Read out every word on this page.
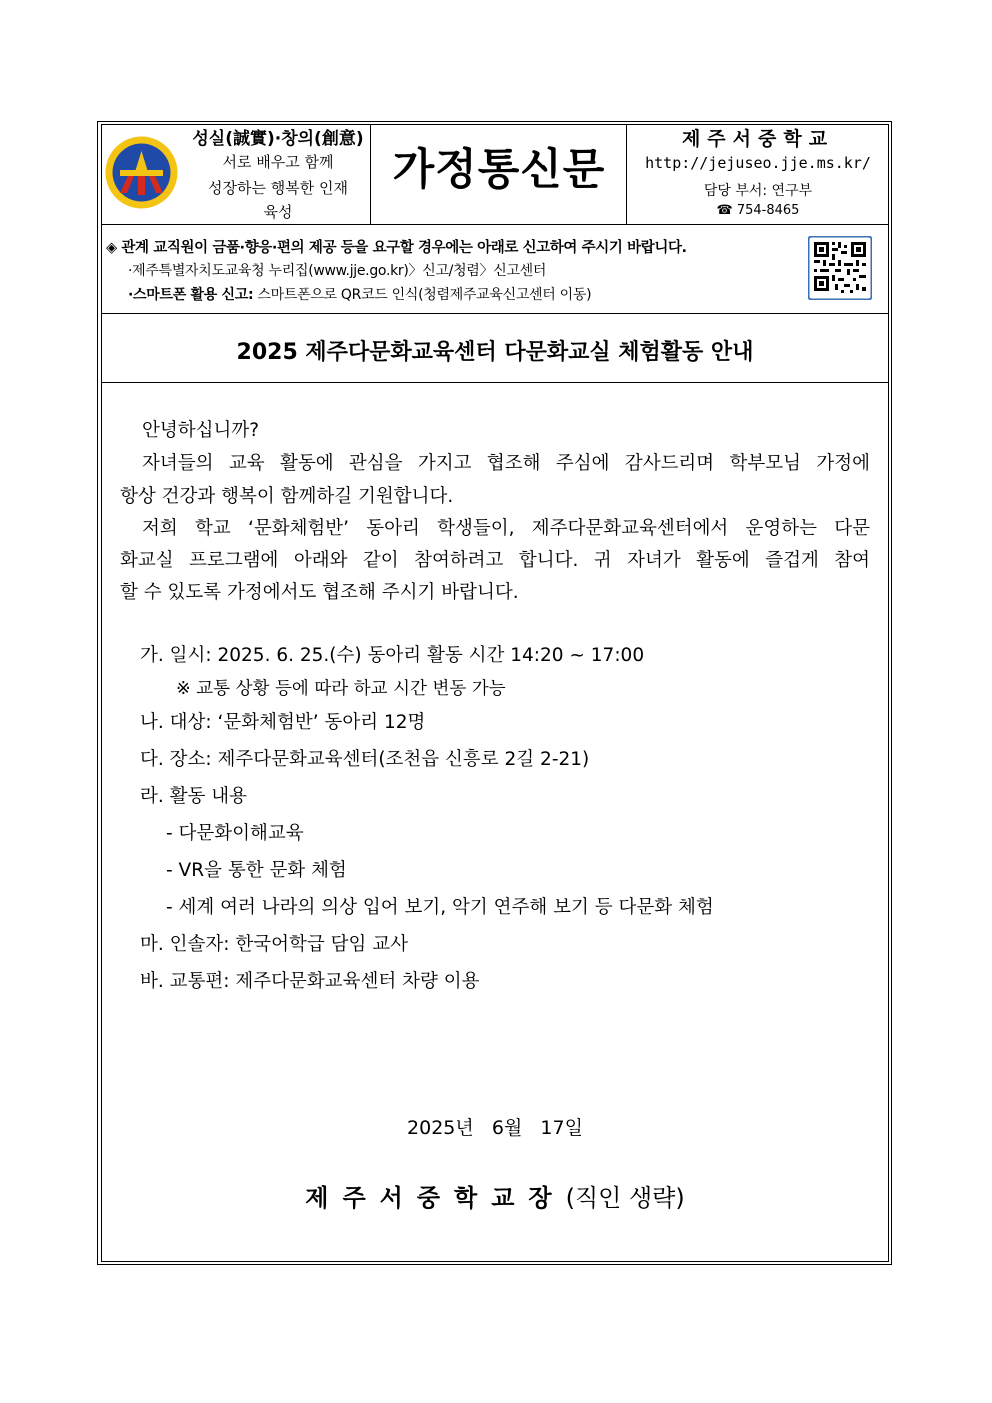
성실(誠實)·창의(創意)
서로 배우고 함께
성장하는 행복한 인재
육성
가정통신문
제주서중학교
http://jejuseo.jje.ms.kr/
담당 부서: 연구부
☎ 754-8465
◈ 관계 교직원이 금품·향응·편의 제공 등을 요구할 경우에는 아래로 신고하여 주시기 바랍니다.
·제주특별자치도교육청 누리집(www.jje.go.kr)〉신고/청렴〉신고센터
·스마트폰 활용 신고: 스마트폰으로 QR코드 인식(청렴제주교육신고센터 이동)
2025 제주다문화교육센터 다문화교실 체험활동 안내
안녕하십니까?
자녀들의 교육 활동에 관심을 가지고 협조해 주심에 감사드리며 학부모님 가정에
항상 건강과 행복이 함께하길 기원합니다.
저희 학교 ‘문화체험반’ 동아리 학생들이, 제주다문화교육센터에서 운영하는 다문
화교실 프로그램에 아래와 같이 참여하려고 합니다. 귀 자녀가 활동에 즐겁게 참여
할 수 있도록 가정에서도 협조해 주시기 바랍니다.
가. 일시: 2025. 6. 25.(수) 동아리 활동 시간 14:20 ~ 17:00
※ 교통 상황 등에 따라 하교 시간 변동 가능
나. 대상: ‘문화체험반’ 동아리 12명
다. 장소: 제주다문화교육센터(조천읍 신흥로 2길 2-21)
라. 활동 내용
- 다문화이해교육
- VR을 통한 문화 체험
- 세계 여러 나라의 의상 입어 보기, 악기 연주해 보기 등 다문화 체험
마. 인솔자: 한국어학급 담임 교사
바. 교통편: 제주다문화교육센터 차량 이용
2025년   6월   17일
제주서중학교장(직인 생략)
